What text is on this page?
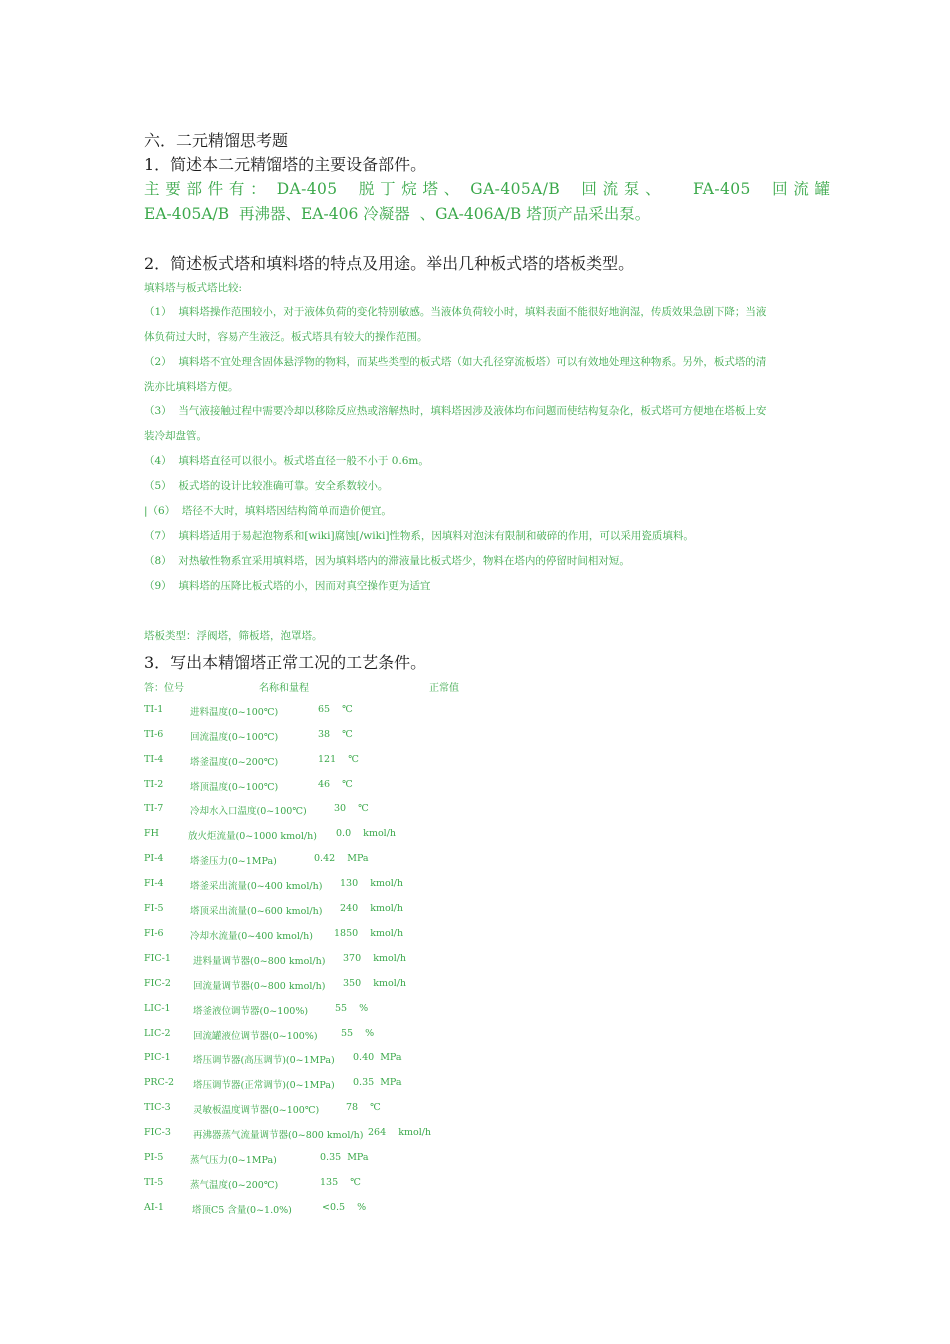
六．二元精馏思考题
1．简述本二元精馏塔的主要设备部件。
主 要 部 件 有 ：  DA-405    脱 丁 烷 塔 、  GA-405A/B    回 流 泵 、      FA-405    回 流 罐
EA-405A/B  再沸器、EA-406 冷凝器  、GA-406A/B 塔顶产品采出泵。
2．简述板式塔和填料塔的特点及用途。举出几种板式塔的塔板类型。
填料塔与板式塔比较:
（1）  填料塔操作范围较小，对于液体负荷的变化特别敏感。当液体负荷较小时，填料表面不能很好地润湿，传质效果急剧下降；当液
体负荷过大时，容易产生液泛。板式塔具有较大的操作范围。
（2）  填料塔不宜处理含固体悬浮物的物料，而某些类型的板式塔（如大孔径穿流板塔）可以有效地处理这种物系。另外，板式塔的清
洗亦比填料塔方便。
（3）  当气液接触过程中需要冷却以移除反应热或溶解热时，填料塔因涉及液体均布问题而使结构复杂化，板式塔可方便地在塔板上安
装冷却盘管。
（4）  填料塔直径可以很小。板式塔直径一般不小于 0.6m。
（5）  板式塔的设计比较准确可靠。安全系数较小。
|（6）  塔径不大时，填料塔因结构简单而造价便宜。
（7）  填料塔适用于易起泡物系和[wiki]腐蚀[/wiki]性物系，因填料对泡沫有限制和破碎的作用，可以采用瓷质填料。
（8）  对热敏性物系宜采用填料塔，因为填料塔内的滞液量比板式塔少，物料在塔内的停留时间相对短。
（9）  填料塔的压降比板式塔的小，因而对真空操作更为适宜
塔板类型：浮阀塔，筛板塔，泡罩塔。
3．写出本精馏塔正常工况的工艺条件。
答：位号	名称和量程	正常值
TI-1	进料温度(0~100℃)	65    ℃
TI-6	回流温度(0~100℃)	38    ℃
TI-4	塔釜温度(0~200℃)	121    ℃
TI-2	塔顶温度(0~100℃)	46    ℃
TI-7	冷却水入口温度(0~100℃)	30    ℃
FH	放火炬流量(0~1000 kmol/h) 0.0    kmol/h
PI-4	塔釜压力(0~1MPa)	0.42    MPa
FI-4	塔釜采出流量(0~400 kmol/h) 130    kmol/h
FI-5	塔顶采出流量(0~600 kmol/h) 240    kmol/h
FI-6	冷却水流量(0~400 kmol/h) 1850    kmol/h
FIC-1 进料量调节器(0~800 kmol/h) 370    kmol/h
FIC-2 回流量调节器(0~800 kmol/h) 350    kmol/h
LIC-1 塔釜液位调节器(0~100%)	55    %
LIC-2 回流罐液位调节器(0~100%) 55    %
PIC-1 塔压调节器(高压调节)(0~1MPa) 0.40  MPa
PRC-2 塔压调节器(正常调节)(0~1MPa) 0.35  MPa
TIC-3 灵敏板温度调节器(0~100℃)	78    ℃
FIC-3 再沸器蒸气流量调节器(0~800 kmol/h) 264    kmol/h
PI-5	蒸气压力(0~1MPa)	0.35  MPa
TI-5	蒸气温度(0~200℃)	135    ℃
AI-1	塔顶C5 含量(0~1.0%)	<0.5    %
